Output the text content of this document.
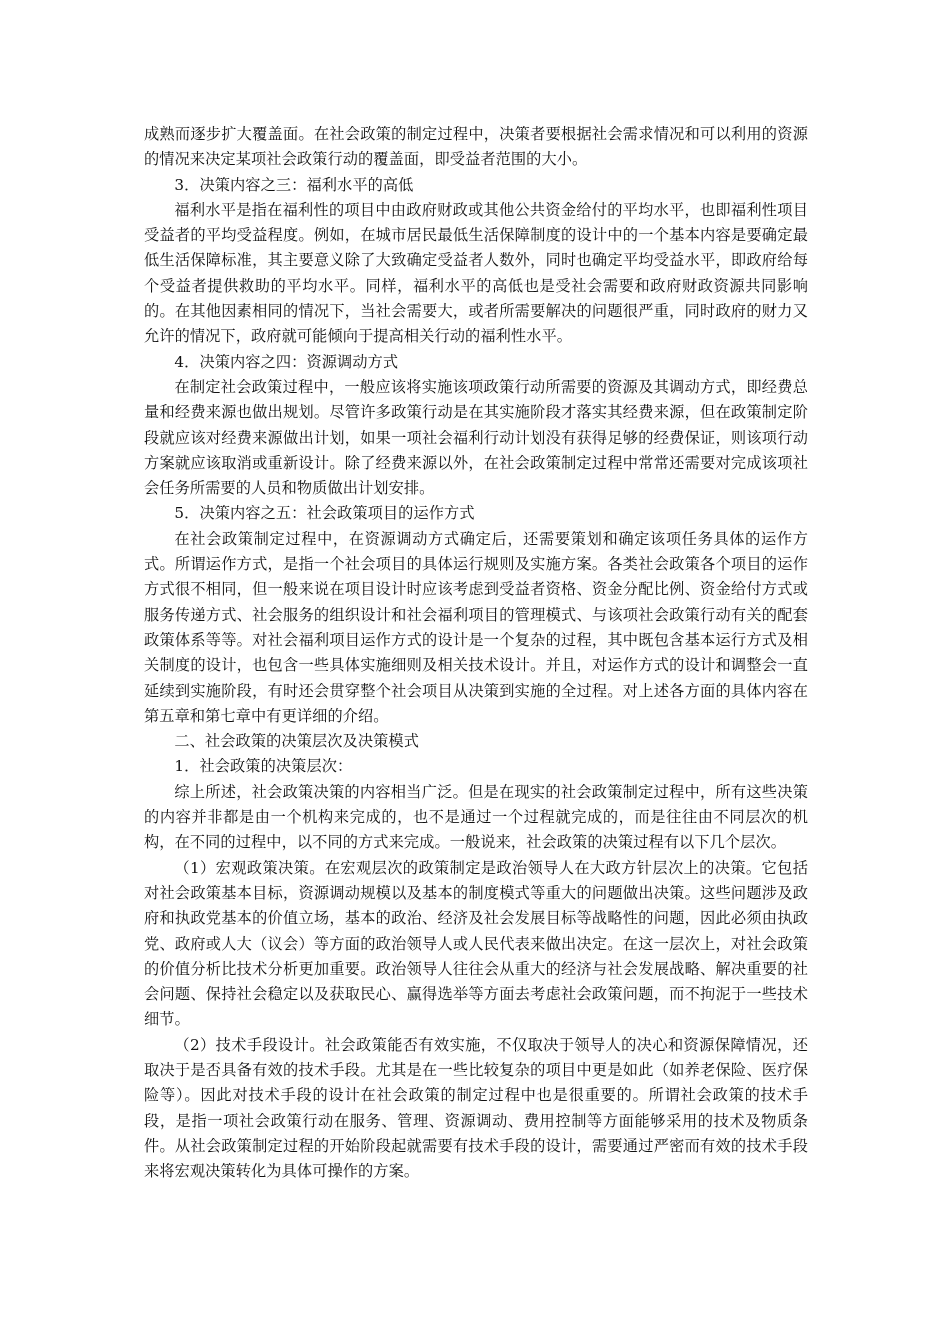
成熟而逐步扩大覆盖面。在社会政策的制定过程中，决策者要根据社会需求情况和可以利用的资源的情况来决定某项社会政策行动的覆盖面，即受益者范围的大小。

3．决策内容之三：福利水平的高低

福利水平是指在福利性的项目中由政府财政或其他公共资金给付的平均水平，也即福利性项目受益者的平均受益程度。例如，在城市居民最低生活保障制度的设计中的一个基本内容是要确定最低生活保障标准，其主要意义除了大致确定受益者人数外，同时也确定平均受益水平，即政府给每个受益者提供救助的平均水平。同样，福利水平的高低也是受社会需要和政府财政资源共同影响的。在其他因素相同的情况下，当社会需要大，或者所需要解决的问题很严重，同时政府的财力又允许的情况下，政府就可能倾向于提高相关行动的福利性水平。

4．决策内容之四：资源调动方式

在制定社会政策过程中，一般应该将实施该项政策行动所需要的资源及其调动方式，即经费总量和经费来源也做出规划。尽管许多政策行动是在其实施阶段才落实其经费来源，但在政策制定阶段就应该对经费来源做出计划，如果一项社会福利行动计划没有获得足够的经费保证，则该项行动方案就应该取消或重新设计。除了经费来源以外，在社会政策制定过程中常常还需要对完成该项社会任务所需要的人员和物质做出计划安排。

5．决策内容之五：社会政策项目的运作方式

在社会政策制定过程中，在资源调动方式确定后，还需要策划和确定该项任务具体的运作方式。所谓运作方式，是指一个社会项目的具体运行规则及实施方案。各类社会政策各个项目的运作方式很不相同，但一般来说在项目设计时应该考虑到受益者资格、资金分配比例、资金给付方式或服务传递方式、社会服务的组织设计和社会福利项目的管理模式、与该项社会政策行动有关的配套政策体系等等。对社会福利项目运作方式的设计是一个复杂的过程，其中既包含基本运行方式及相关制度的设计，也包含一些具体实施细则及相关技术设计。并且，对运作方式的设计和调整会一直延续到实施阶段，有时还会贯穿整个社会项目从决策到实施的全过程。对上述各方面的具体内容在第五章和第七章中有更详细的介绍。

二、社会政策的决策层次及决策模式

1．社会政策的决策层次：

综上所述，社会政策决策的内容相当广泛。但是在现实的社会政策制定过程中，所有这些决策的内容并非都是由一个机构来完成的，也不是通过一个过程就完成的，而是往往由不同层次的机构，在不同的过程中，以不同的方式来完成。一般说来，社会政策的决策过程有以下几个层次。

（1）宏观政策决策。在宏观层次的政策制定是政治领导人在大政方针层次上的决策。它包括对社会政策基本目标，资源调动规模以及基本的制度模式等重大的问题做出决策。这些问题涉及政府和执政党基本的价值立场，基本的政治、经济及社会发展目标等战略性的问题，因此必须由执政党、政府或人大（议会）等方面的政治领导人或人民代表来做出决定。在这一层次上，对社会政策的价值分析比技术分析更加重要。政治领导人往往会从重大的经济与社会发展战略、解决重要的社会问题、保持社会稳定以及获取民心、赢得选举等方面去考虑社会政策问题，而不拘泥于一些技术细节。

（2）技术手段设计。社会政策能否有效实施，不仅取决于领导人的决心和资源保障情况，还取决于是否具备有效的技术手段。尤其是在一些比较复杂的项目中更是如此（如养老保险、医疗保险等）。因此对技术手段的设计在社会政策的制定过程中也是很重要的。所谓社会政策的技术手段，是指一项社会政策行动在服务、管理、资源调动、费用控制等方面能够采用的技术及物质条件。从社会政策制定过程的开始阶段起就需要有技术手段的设计，需要通过严密而有效的技术手段来将宏观决策转化为具体可操作的方案。
